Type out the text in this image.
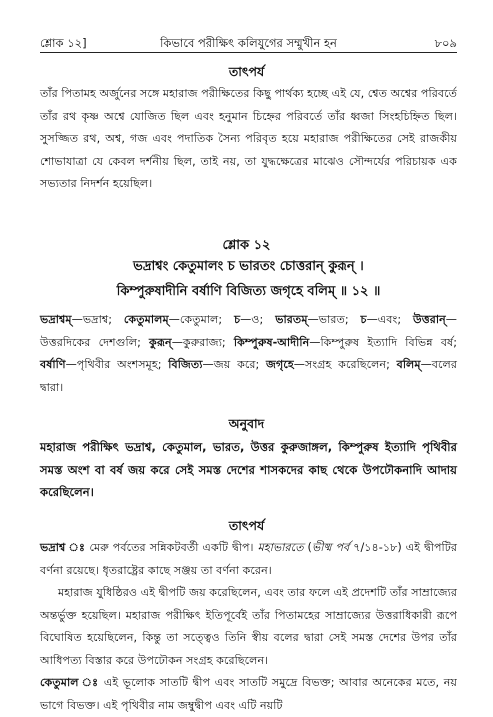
শ্লোক ১২]	কিভাবে পরীক্ষিৎ কলিযুগের সম্মুখীন হন	৮০৯
তাৎপর্য

তাঁর পিতামহ অর্জুনের সঙ্গে মহারাজ পরীক্ষিতের কিছু পার্থক্য হচ্ছে এই যে, শ্বেত অশ্বের পরিবর্তে তাঁর রথ কৃষ্ণ অশ্বে যোজিত ছিল এবং হনুমান চিহ্নের পরিবর্তে তাঁর ধ্বজা সিংহচিহ্নিত ছিল। সুসজ্জিত রথ, অশ্ব, গজ এবং পদাতিক সৈন্য পরিবৃত হয়ে মহারাজ পরীক্ষিতের সেই রাজকীয় শোভাযাত্রা যে কেবল দর্শনীয় ছিল, তাই নয়, তা যুদ্ধক্ষেত্রের মাঝেও সৌন্দর্যের পরিচায়ক এক সভ্যতার নিদর্শন হয়েছিল।

শ্লোক ১২
ভদ্রাশ্বং কেতুমালং চ ভারতং চোত্তরান্ কুরূন্ ।
কিম্পুরুষাদীনি বর্ষাণি বিজিত্য জগৃহে বলিম্ ॥ ১২ ॥

ভদ্রাশ্বম্—ভদ্রাশ্ব; কেতুমালম্—কেতুমাল; চ—ও; ভারতম্—ভারত; চ—এবং; উত্তরান্—উত্তরদিকের দেশগুলি; কুরূন্—কুরুরাজ্য; কিম্পুরুষ-আদীনি—কিম্পুরুষ ইত্যাদি বিভিন্ন বর্ষ; বর্ষাণি—পৃথিবীর অংশসমূহ; বিজিত্য—জয় করে; জগৃহে—সংগ্রহ করেছিলেন; বলিম্—বলের দ্বারা।

অনুবাদ

মহারাজ পরীক্ষিৎ ভদ্রাশ্ব, কেতুমাল, ভারত, উত্তর কুরুজাঙ্গল, কিম্পুরুষ ইত্যাদি পৃথিবীর সমস্ত অংশ বা বর্ষ জয় করে সেই সমস্ত দেশের শাসকদের কাছ থেকে উপঢৌকনাদি আদায় করেছিলেন।

তাৎপর্য

ভদ্রাশ্ব ঃ মেরু পর্বতের সন্নিকটবর্তী একটি দ্বীপ। মহাভারতে (ভীষ্ম পর্ব ৭/১৪-১৮) এই দ্বীপটির বর্ণনা রয়েছে। ধৃতরাষ্ট্রের কাছে সঞ্জয় তা বর্ণনা করেন।

মহারাজ যুধিষ্ঠিরও এই দ্বীপটি জয় করেছিলেন, এবং তার ফলে এই প্রদেশটি তাঁর সাম্রাজ্যের অন্তর্ভুক্ত হয়েছিল। মহারাজ পরীক্ষিৎ ইতিপূর্বেই তাঁর পিতামহের সাম্রাজ্যের উত্তরাধিকারী রূপে বিঘোষিত হয়েছিলেন, কিন্তু তা সত্ত্বেও তিনি স্বীয় বলের দ্বারা সেই সমস্ত দেশের উপর তাঁর আধিপত্য বিস্তার করে উপঢৌকন সংগ্রহ করেছিলেন।

কেতুমাল ঃ এই ভূলোক সাতটি দ্বীপ এবং সাতটি সমুদ্রে বিভক্ত; আবার অনেকের মতে, নয় ভাগে বিভক্ত। এই পৃথিবীর নাম জম্বুদ্বীপ এবং এটি নয়টি
